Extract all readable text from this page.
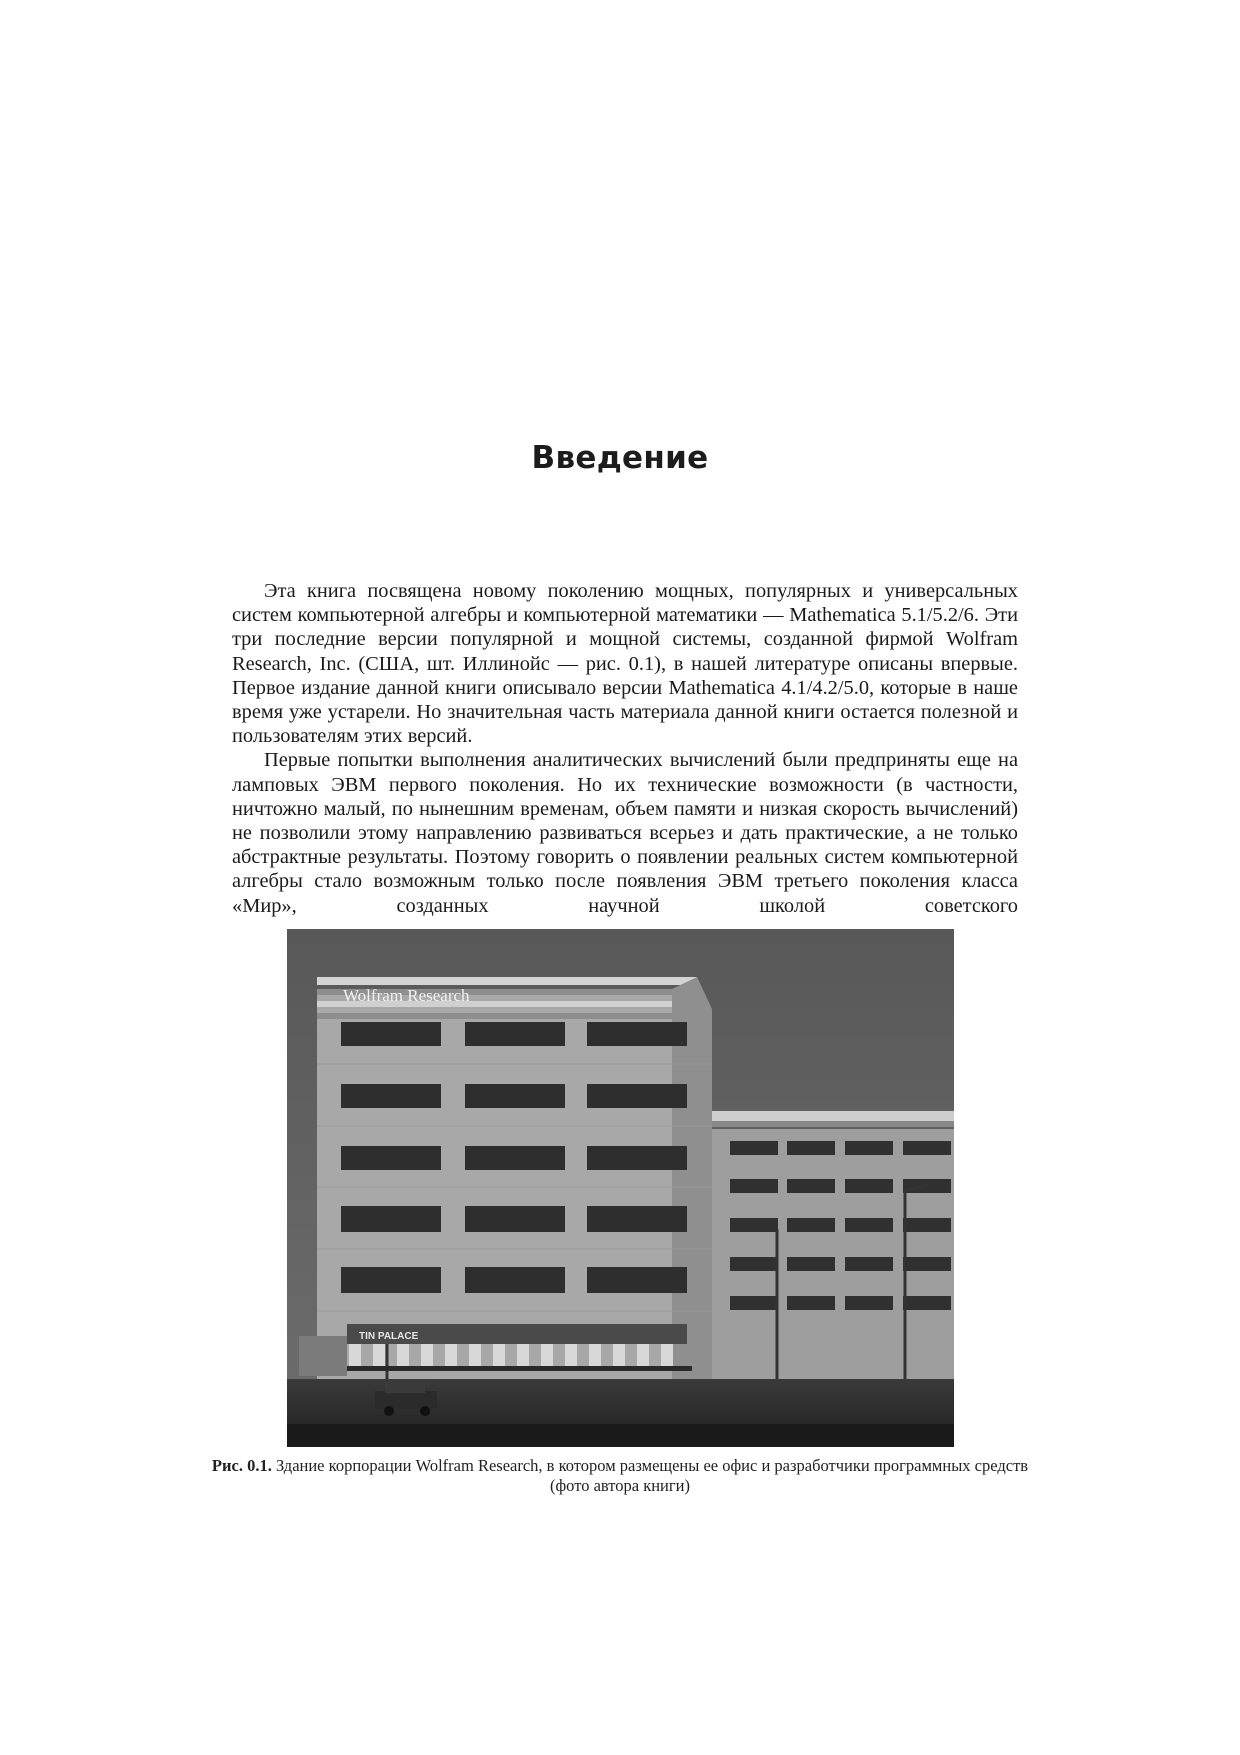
Введение

Эта книга посвящена новому поколению мощных, популярных и универсальных систем компьютерной алгебры и компьютерной математики — Mathematica 5.1/5.2/6. Эти три последние версии популярной и мощной системы, созданной фирмой Wolfram Research, Inc. (США, шт. Иллинойс — рис. 0.1), в нашей литературе описаны впервые. Первое издание данной книги описывало версии Mathematica 4.1/4.2/5.0, которые в наше время уже устарели. Но значительная часть материала данной книги остается полезной и пользователям этих версий.

Первые попытки выполнения аналитических вычислений были предприняты еще на ламповых ЭВМ первого поколения. Но их технические возможности (в частности, ничтожно малый, по нынешним временам, объем памяти и низкая скорость вычислений) не позволили этому направлению развиваться всерьез и дать практические, а не только абстрактные результаты. Поэтому говорить о появлении реальных систем компьютерной алгебры стало возможным только после появления ЭВМ третьего поколения класса «Мир», созданных научной школой советского

Wolfram Research
TIN PALACE
Рис. 0.1. Здание корпорации Wolfram Research, в котором размещены ее офис и разработчики программных средств (фото автора книги)
